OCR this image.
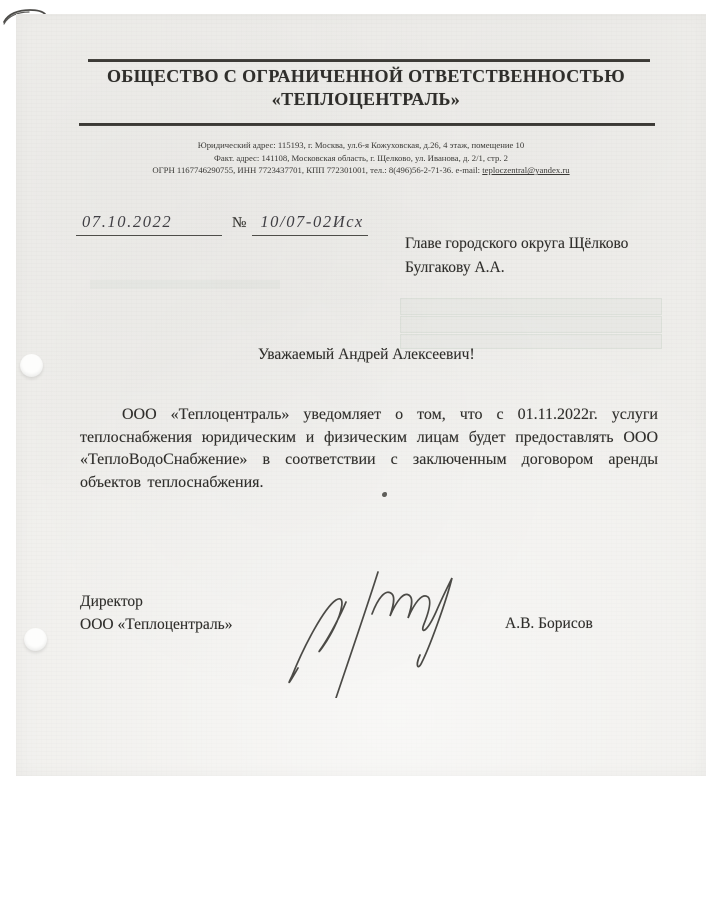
ОБЩЕСТВО С ОГРАНИЧЕННОЙ ОТВЕТСТВЕННОСТЬЮ
«ТЕПЛОЦЕНТРАЛЬ»
Юридический адрес: 115193, г. Москва, ул.6-я Кожуховская, д.26, 4 этаж, помещение 10
Факт. адрес: 141108, Московская область, г. Щелково, ул. Иванова, д. 2/1, стр. 2
ОГРН 1167746290755, ИНН 7723437701, КПП 772301001, тел.: 8(496)56-2-71-36. e-mail: teploczentral@yandex.ru
07.10.2022	№ 10/07-02Исх
Главе городского округа Щёлково
Булгакову А.А.
Уважаемый Андрей Алексеевич!
ООО «Теплоцентраль» уведомляет о том, что с 01.11.2022г. услуги теплоснабжения юридическим и физическим лицам будет предоставлять ООО «ТеплоВодоСнабжение» в соответствии с заключенным договором аренды объектов теплоснабжения.
Директор
ООО «Теплоцентраль»	А.В. Борисов
